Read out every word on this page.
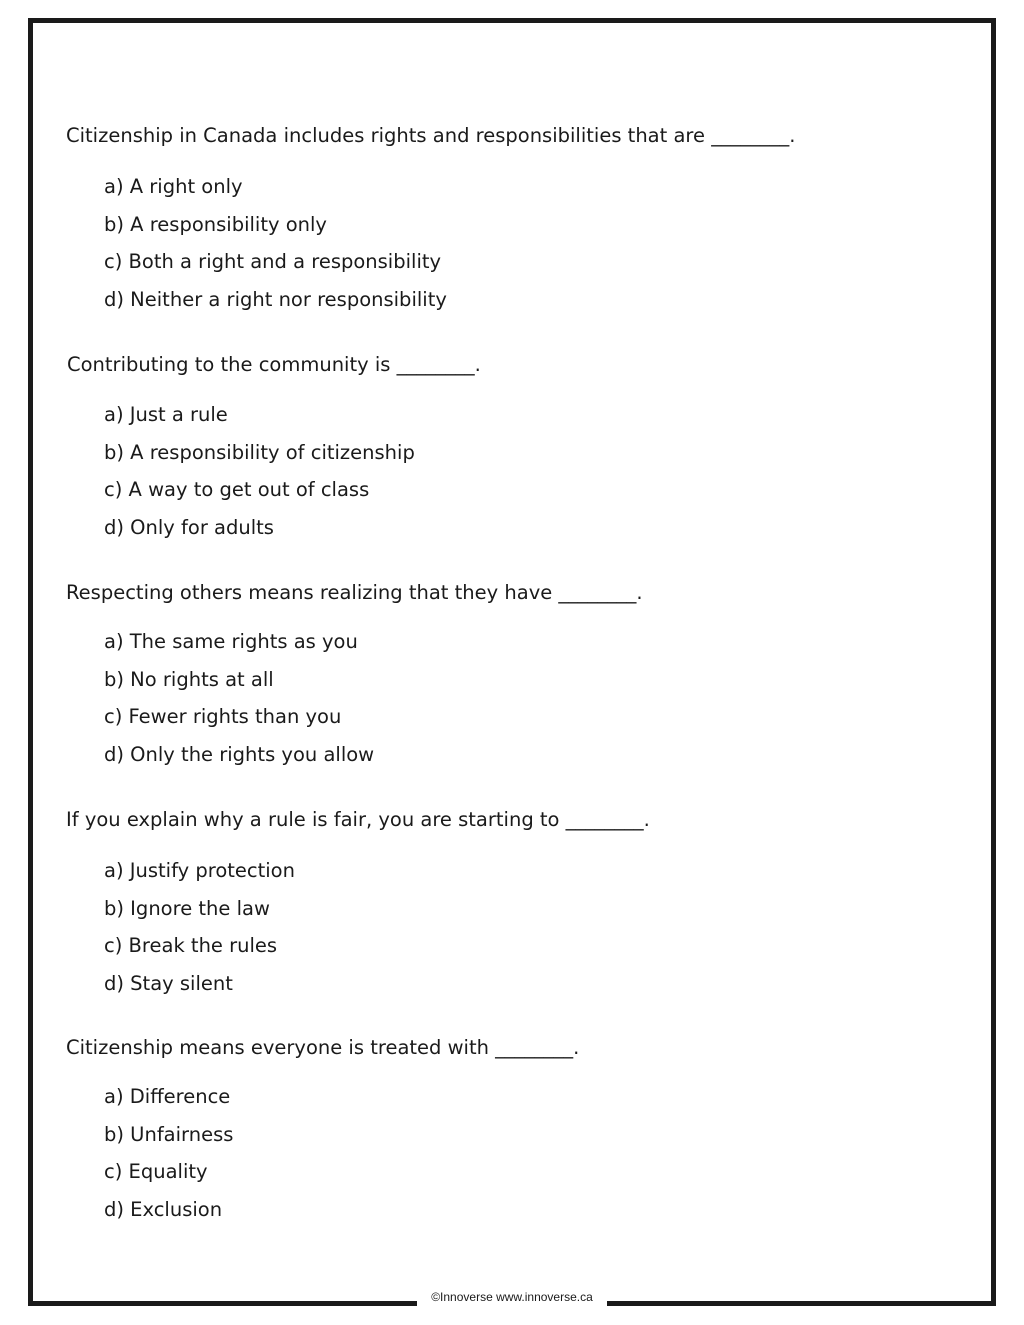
Citizenship in Canada includes rights and responsibilities that are ________.
a) A right only
b) A responsibility only
c) Both a right and a responsibility
d) Neither a right nor responsibility
Contributing to the community is ________.
a) Just a rule
b) A responsibility of citizenship
c) A way to get out of class
d) Only for adults
Respecting others means realizing that they have ________.
a) The same rights as you
b) No rights at all
c) Fewer rights than you
d) Only the rights you allow
If you explain why a rule is fair, you are starting to ________.
a) Justify protection
b) Ignore the law
c) Break the rules
d) Stay silent
Citizenship means everyone is treated with ________.
a) Difference
b) Unfairness
c) Equality
d) Exclusion
©Innoverse www.innoverse.ca
